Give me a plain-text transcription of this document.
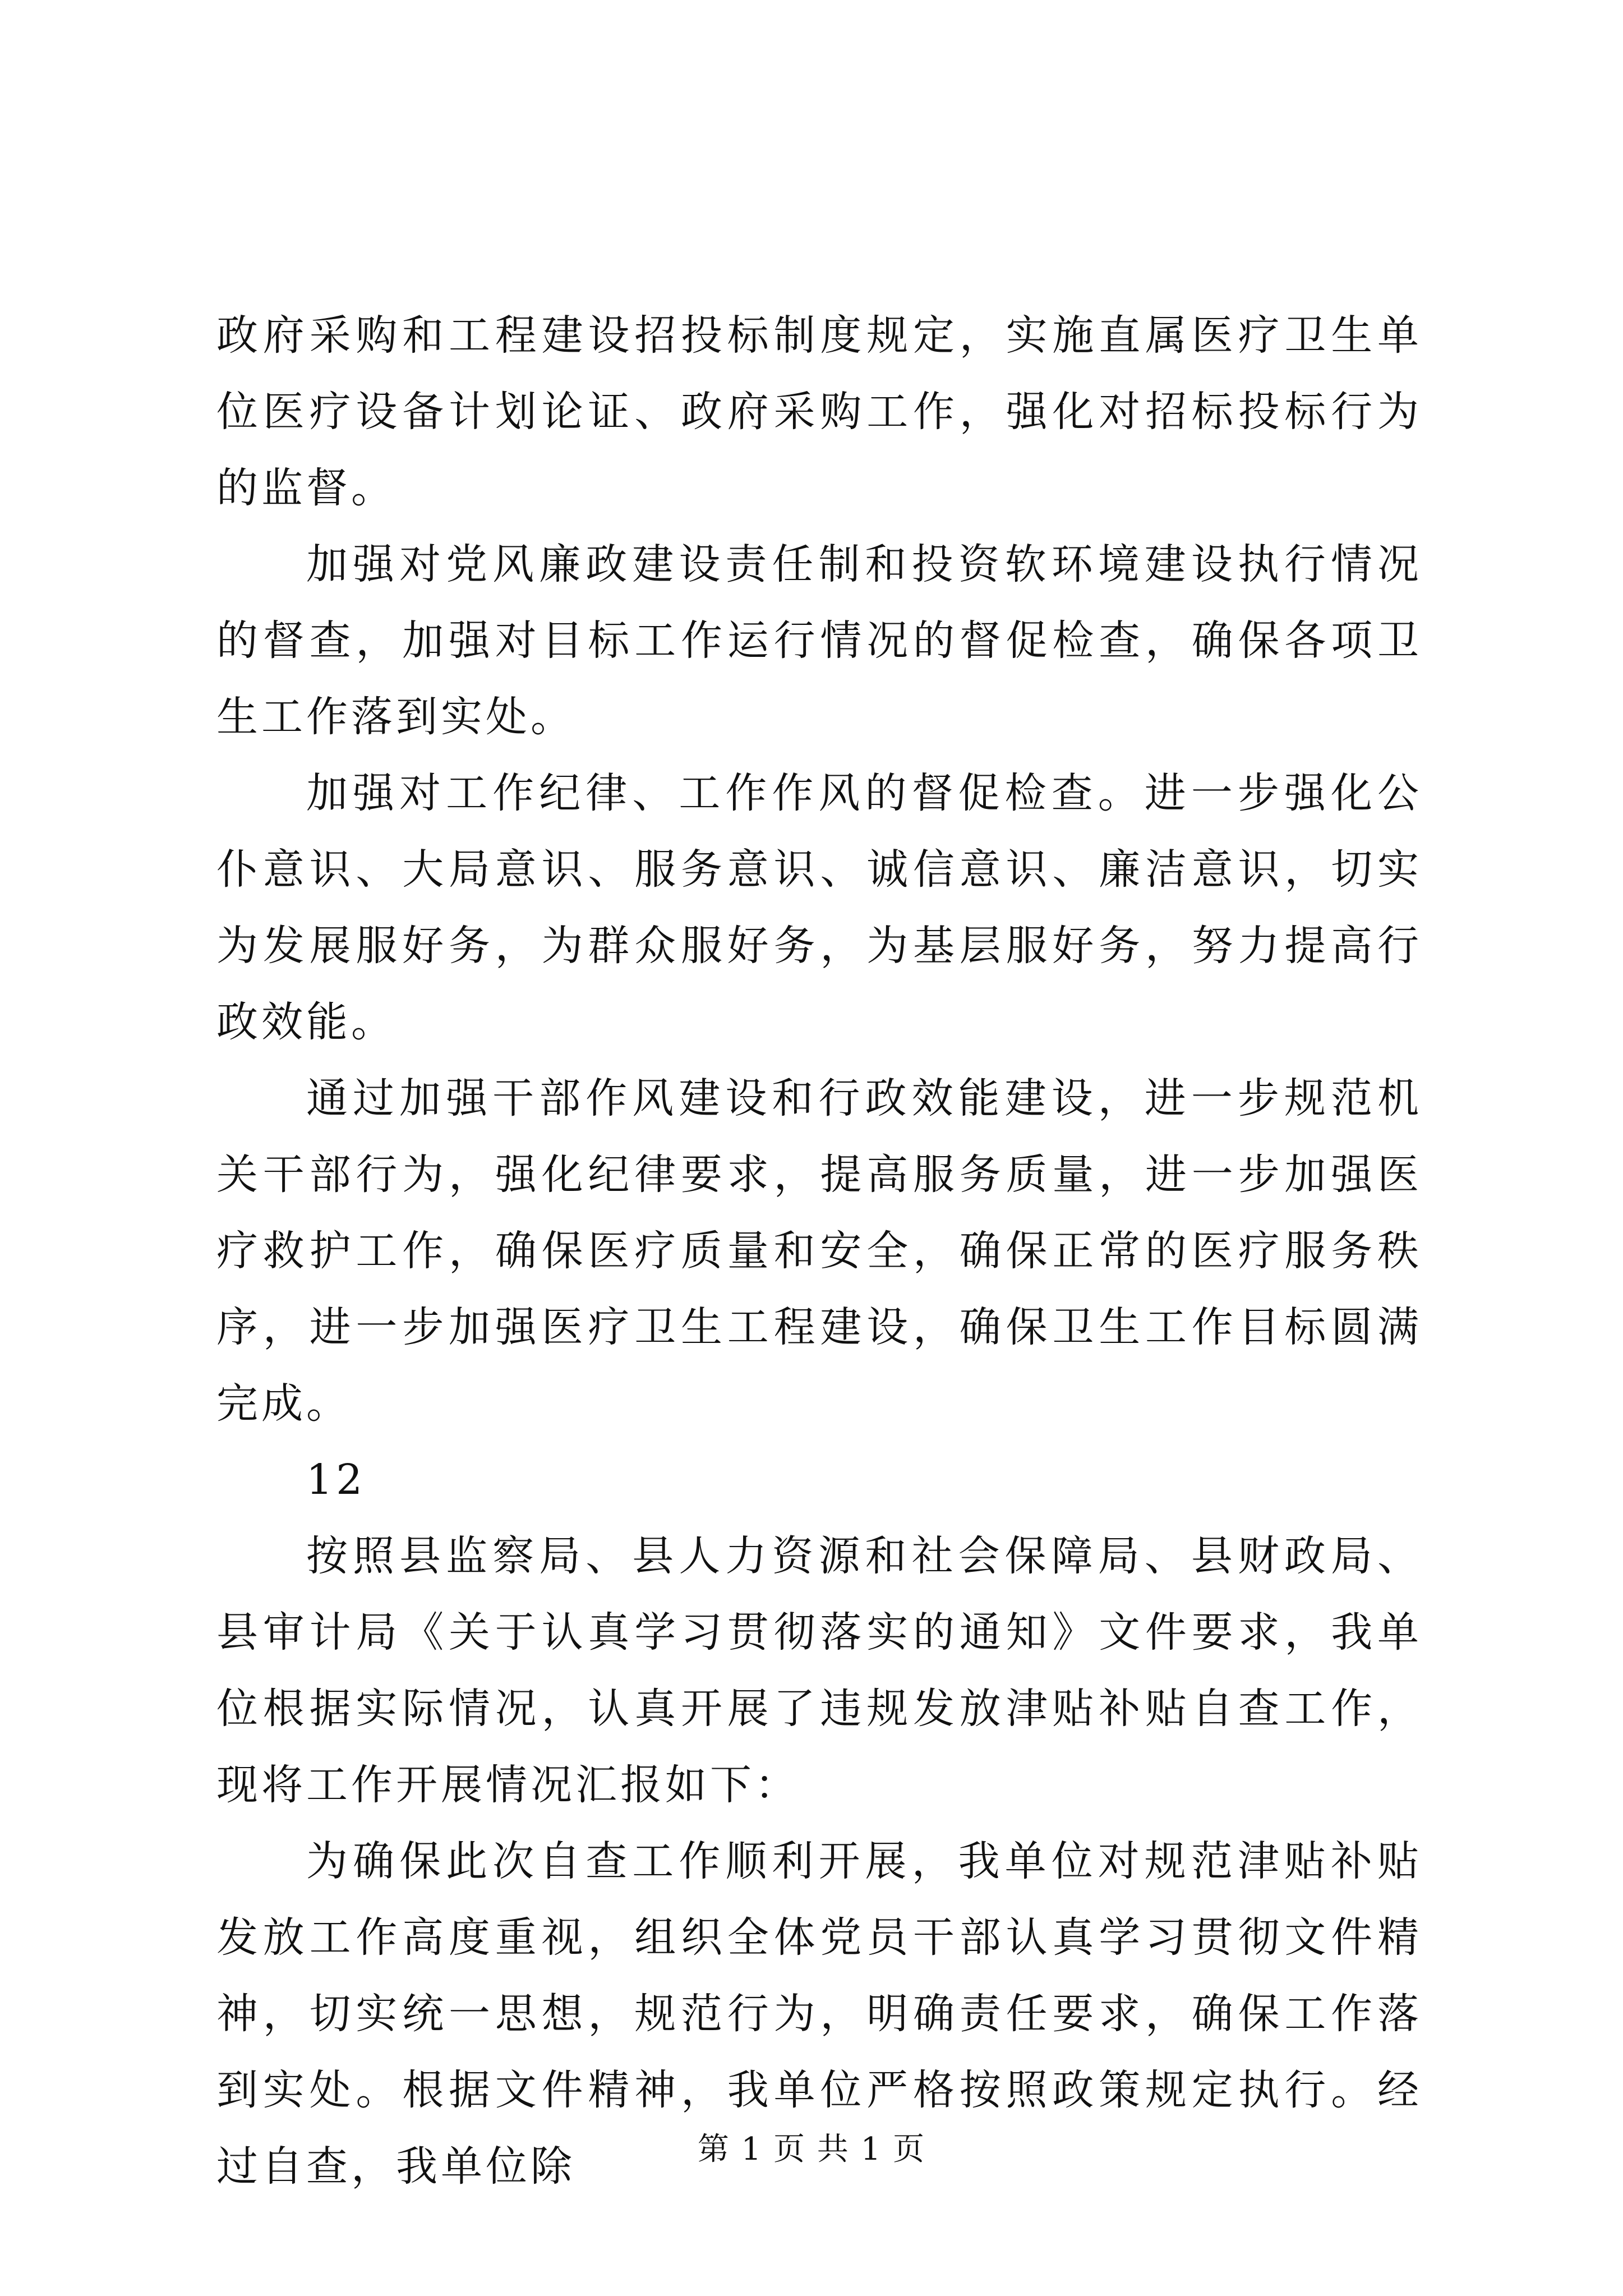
政府采购和工程建设招投标制度规定，实施直属医疗卫生单位医疗设备计划论证、政府采购工作，强化对招标投标行为的监督。

加强对党风廉政建设责任制和投资软环境建设执行情况的督查，加强对目标工作运行情况的督促检查，确保各项卫生工作落到实处。

加强对工作纪律、工作作风的督促检查。进一步强化公仆意识、大局意识、服务意识、诚信意识、廉洁意识，切实为发展服好务，为群众服好务，为基层服好务，努力提高行政效能。

通过加强干部作风建设和行政效能建设，进一步规范机关干部行为，强化纪律要求，提高服务质量，进一步加强医疗救护工作，确保医疗质量和安全，确保正常的医疗服务秩序，进一步加强医疗卫生工程建设，确保卫生工作目标圆满完成。

12

按照县监察局、县人力资源和社会保障局、县财政局、县审计局《关于认真学习贯彻落实的通知》文件要求，我单位根据实际情况，认真开展了违规发放津贴补贴自查工作，现将工作开展情况汇报如下：

为确保此次自查工作顺利开展，我单位对规范津贴补贴发放工作高度重视，组织全体党员干部认真学习贯彻文件精神，切实统一思想，规范行为，明确责任要求，确保工作落到实处。根据文件精神，我单位严格按照政策规定执行。经过自查，我单位除	第 1 页 共 1 页
